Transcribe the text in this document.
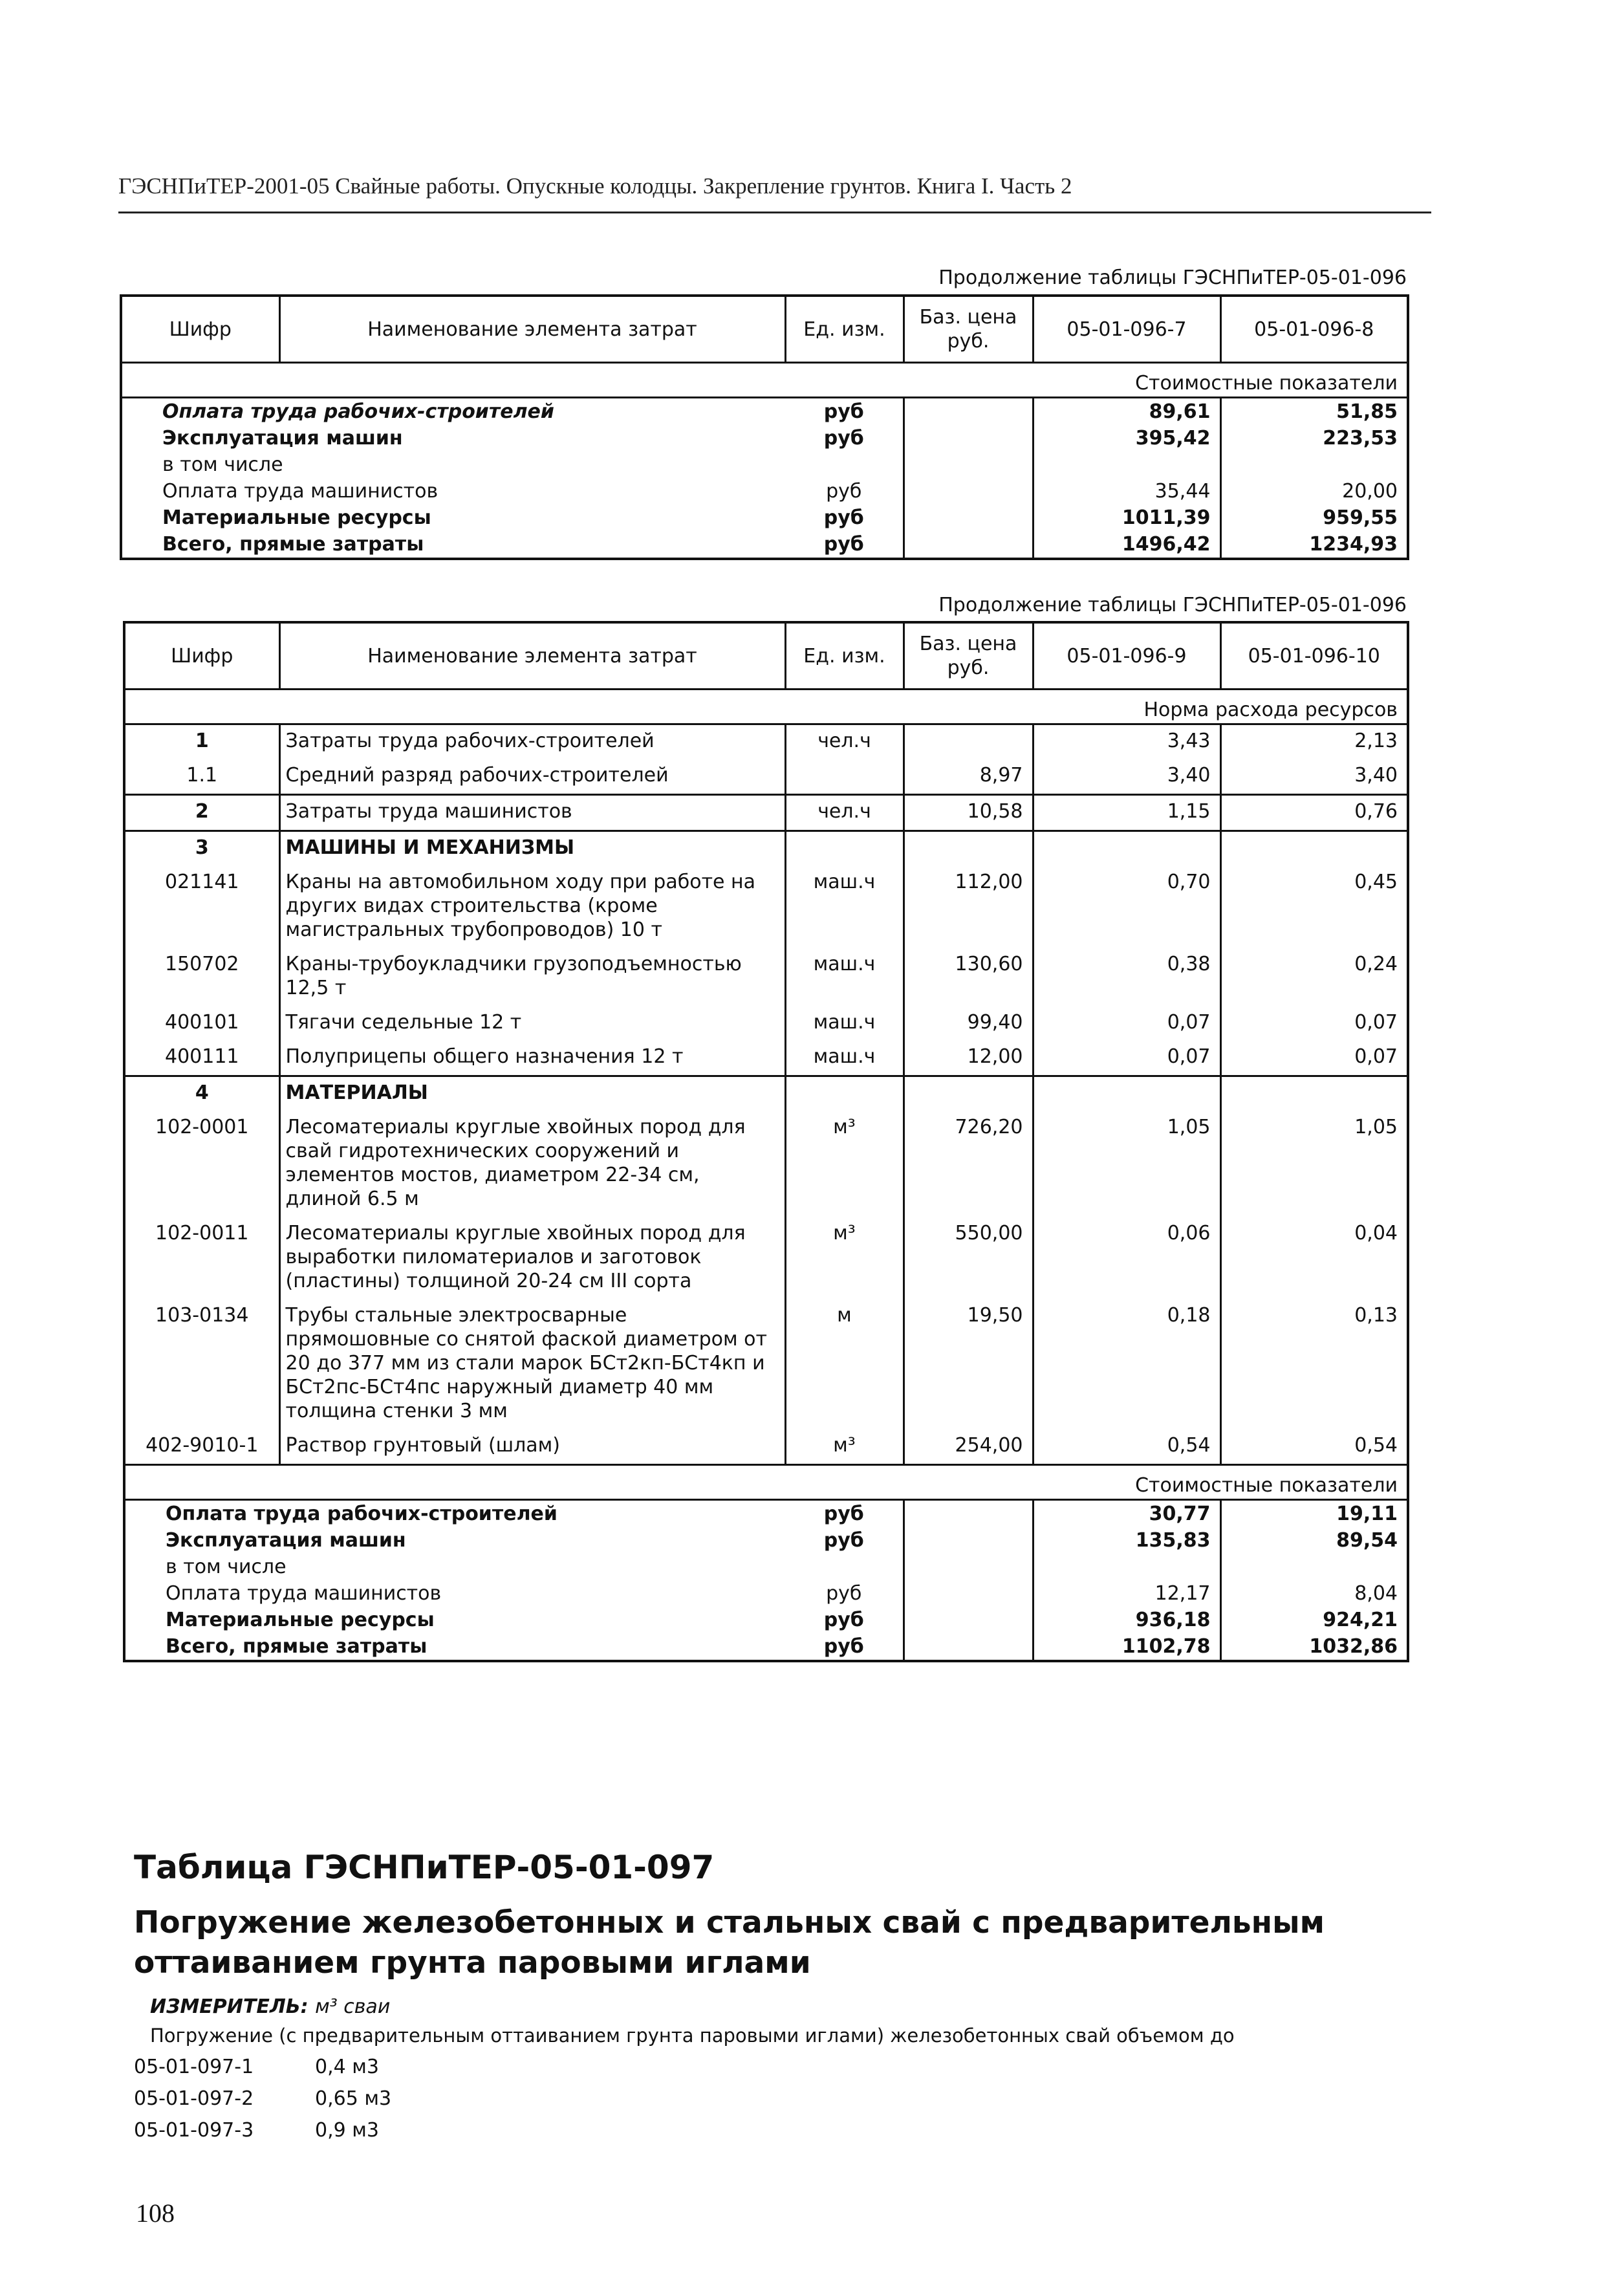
ГЭСНПиТЕР-2001-05 Свайные работы. Опускные колодцы. Закрепление грунтов. Книга I. Часть 2
Продолжение таблицы ГЭСНПиТЕР-05-01-096
Шифр	Наименование элемента затрат	Ед. изм.	Баз. цена руб.	05-01-096-7	05-01-096-8
Стоимостные показатели					
Оплата труда рабочих-строителей		руб		89,61	51,85
Эксплуатация машин		руб		395,42	223,53
в том числе					
Оплата труда машинистов		руб		35,44	20,00
Материальные ресурсы		руб		1011,39	959,55
Всего, прямые затраты		руб		1496,42	1234,93
Продолжение таблицы ГЭСНПиТЕР-05-01-096
Шифр	Наименование элемента затрат	Ед. изм.	Баз. цена руб.	05-01-096-9	05-01-096-10
Норма расхода ресурсов					
1	Затраты труда рабочих-строителей	чел.ч		3,43	2,13
1.1	Средний разряд рабочих-строителей		8,97	3,40	3,40
2	Затраты труда машинистов	чел.ч	10,58	1,15	0,76
3	МАШИНЫ И МЕХАНИЗМЫ				
021141	Краны на автомобильном ходу при работе на других видах строительства (кроме магистральных трубопроводов) 10 т	маш.ч	112,00	0,70	0,45
150702	Краны-трубоукладчики грузоподъемностью 12,5 т	маш.ч	130,60	0,38	0,24
400101	Тягачи седельные 12 т	маш.ч	99,40	0,07	0,07
400111	Полуприцепы общего назначения 12 т	маш.ч	12,00	0,07	0,07
4	МАТЕРИАЛЫ				
102-0001	Лесоматериалы круглые хвойных пород для свай гидротехнических сооружений и элементов мостов, диаметром 22-34 см, длиной 6.5 м	м³	726,20	1,05	1,05
102-0011	Лесоматериалы круглые хвойных пород для выработки пиломатериалов и заготовок (пластины) толщиной 20-24 см III сорта	м³	550,00	0,06	0,04
103-0134	Трубы стальные электросварные прямошовные со снятой фаской диаметром от 20 до 377 мм из стали марок БСт2кп-БСт4кп и БСт2пс-БСт4пс наружный диаметр 40 мм толщина стенки 3 мм	м	19,50	0,18	0,13
402-9010-1	Раствор грунтовый (шлам)	м³	254,00	0,54	0,54
Стоимостные показатели					
Оплата труда рабочих-строителей		руб		30,77	19,11
Эксплуатация машин		руб		135,83	89,54
в том числе					
Оплата труда машинистов		руб		12,17	8,04
Материальные ресурсы		руб		936,18	924,21
Всего, прямые затраты		руб		1102,78	1032,86
Таблица ГЭСНПиТЕР-05-01-097
Погружение железобетонных и стальных свай с предварительным оттаиванием грунта паровыми иглами
ИЗМЕРИТЕЛЬ: м³ сваи
Погружение (с предварительным оттаиванием грунта паровыми иглами) железобетонных свай объемом до
05-01-097-1	0,4 м3
05-01-097-2	0,65 м3
05-01-097-3	0,9 м3
108
